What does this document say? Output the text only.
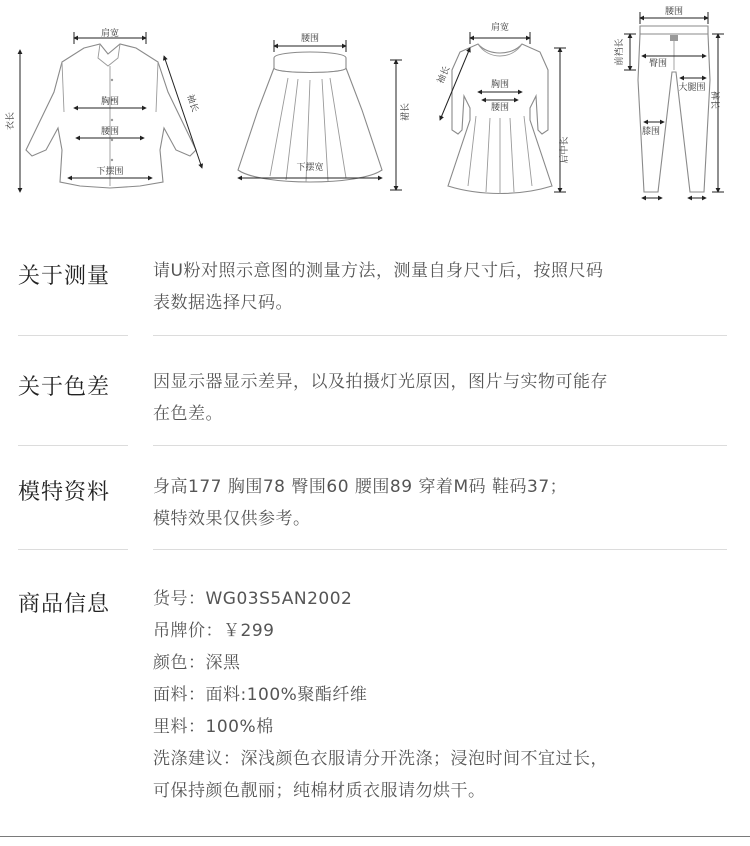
肩宽
胸围
腰围
下摆围
衣长
袖长
腰围
下摆宽
裙长
肩宽
袖长	胸围
腰围
后中长
腰围
前裆长	臀围
大腿围
裤长
膝围
关于测量	请U粉对照示意图的测量方法，测量自身尺寸后，按照尺码
表数据选择尺码。
关于色差	因显示器显示差异，以及拍摄灯光原因，图片与实物可能存
在色差。
模特资料	身高177 胸围78 臀围60 腰围89 穿着M码 鞋码37；
模特效果仅供参考。
商品信息	货号：WG03S5AN2002
吊牌价：￥299
颜色：深黑
面料：面料:100%聚酯纤维
里料：100%棉
洗涤建议：深浅颜色衣服请分开洗涤；浸泡时间不宜过长，
可保持颜色靓丽；纯棉材质衣服请勿烘干。
